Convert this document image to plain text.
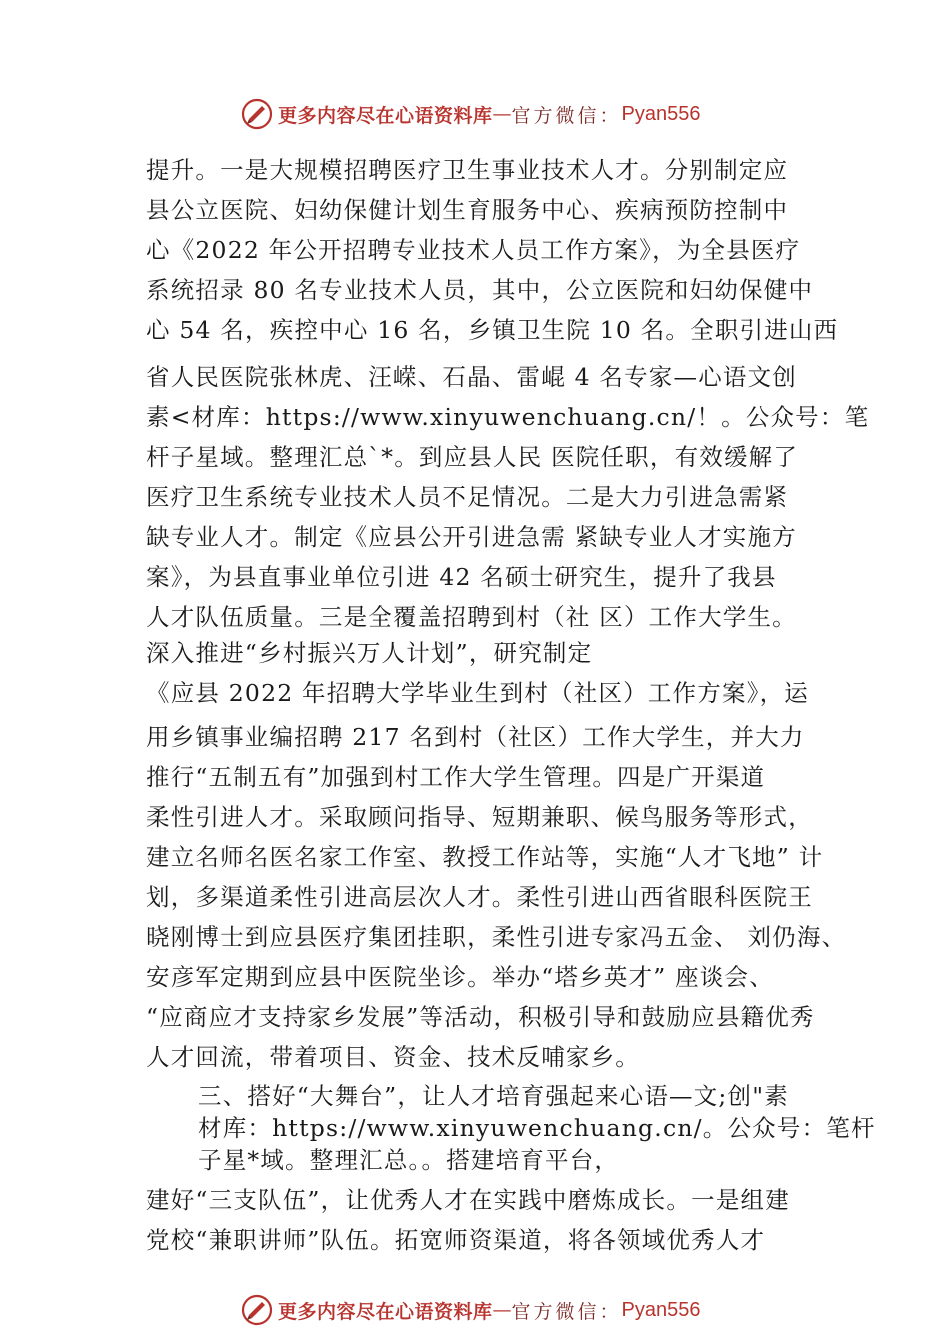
更多内容尽在心语资料库 — 官方微信： Pyan556
提升。一是大规模招聘医疗卫生事业技术人才。分别制定应
县公立医院、妇幼保健计划生育服务中心、疾病预防控制中
心《2022 年公开招聘专业技术人员工作方案》，为全县医疗
系统招录 80 名专业技术人员，其中，公立医院和妇幼保健中
心 54 名，疾控中心 16 名，乡镇卫生院 10 名。全职引进山西
省人民医院张林虎、汪嵘、石晶、雷崐 4 名专家—心语文创
素<材库：https://www.xinyuwenchuang.cn/！。公众号：笔
杆子星域。整理汇总`*。到应县人民 医院任职，有效缓解了
医疗卫生系统专业技术人员不足情况。二是大力引进急需紧
缺专业人才。制定《应县公开引进急需 紧缺专业人才实施方
案》，为县直事业单位引进 42 名硕士研究生，提升了我县
人才队伍质量。三是全覆盖招聘到村（社 区）工作大学生。
深入推进“乡村振兴万人计划”，研究制定
《应县 2022 年招聘大学毕业生到村（社区）工作方案》，运
用乡镇事业编招聘 217 名到村（社区）工作大学生，并大力
推行“五制五有”加强到村工作大学生管理。四是广开渠道
柔性引进人才。采取顾问指导、短期兼职、候鸟服务等形式，
建立名师名医名家工作室、教授工作站等，实施“人才飞地” 计
划，多渠道柔性引进高层次人才。柔性引进山西省眼科医院王
晓刚博士到应县医疗集团挂职，柔性引进专家冯五金、 刘仍海、
安彦军定期到应县中医院坐诊。举办“塔乡英才” 座谈会、
“应商应才支持家乡发展”等活动，积极引导和鼓励应县籍优秀
人才回流，带着项目、资金、技术反哺家乡。
三、搭好“大舞台”，让人才培育强起来心语—文;创"素
材库：https://www.xinyuwenchuang.cn/。公众号：笔杆
子星*域。整理汇总。。搭建培育平台，
建好“三支队伍”，让优秀人才在实践中磨炼成长。一是组建
党校“兼职讲师”队伍。拓宽师资渠道，将各领域优秀人才
更多内容尽在心语资料库 — 官方微信： Pyan556
